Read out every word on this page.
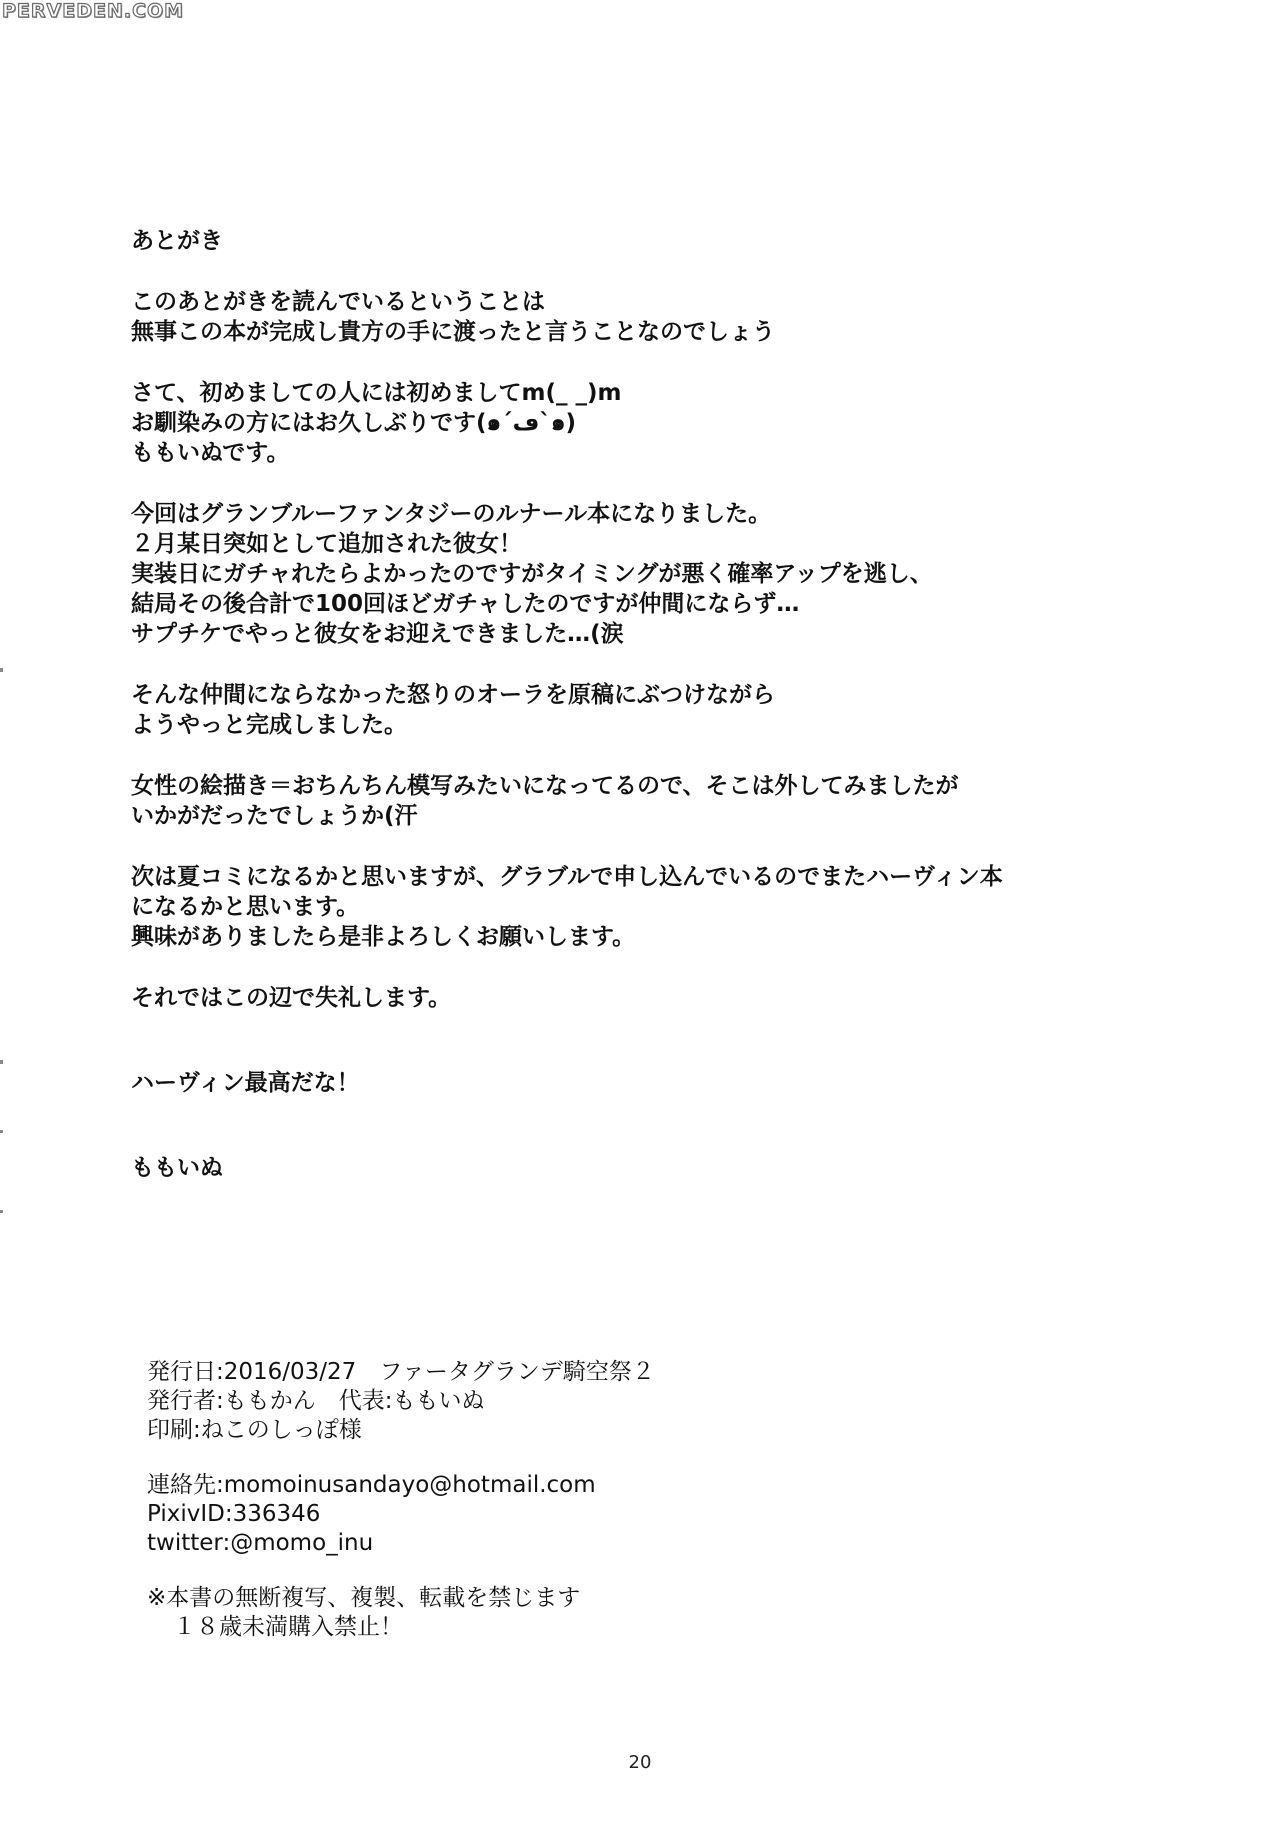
PERVEDEN.COM
あとがき
このあとがきを読んでいるということは
無事この本が完成し貴方の手に渡ったと言うことなのでしょう
さて、初めましての人には初めましてm(_ _)m
お馴染みの方にはお久しぶりです(๑´ڡ`๑)
ももいぬです。
今回はグランブルーファンタジーのルナール本になりました。
２月某日突如として追加された彼女！
実装日にガチャれたらよかったのですがタイミングが悪く確率アップを逃し、
結局その後合計で100回ほどガチャしたのですが仲間にならず…
サプチケでやっと彼女をお迎えできました…(涙
そんな仲間にならなかった怒りのオーラを原稿にぶつけながら
ようやっと完成しました。
女性の絵描き＝おちんちん模写みたいになってるので、そこは外してみましたが
いかがだったでしょうか(汗
次は夏コミになるかと思いますが、グラブルで申し込んでいるのでまたハーヴィン本
になるかと思います。
興味がありましたら是非よろしくお願いします。
それではこの辺で失礼します。
ハーヴィン最高だな！
ももいぬ
発行日:2016/03/27　ファータグランデ騎空祭２
発行者:ももかん　代表:ももいぬ
印刷:ねこのしっぽ様
連絡先:momoinusandayo@hotmail.com
PixivID:336346
twitter:@momo_inu
※本書の無断複写、複製、転載を禁じます
１８歳未満購入禁止！
20
